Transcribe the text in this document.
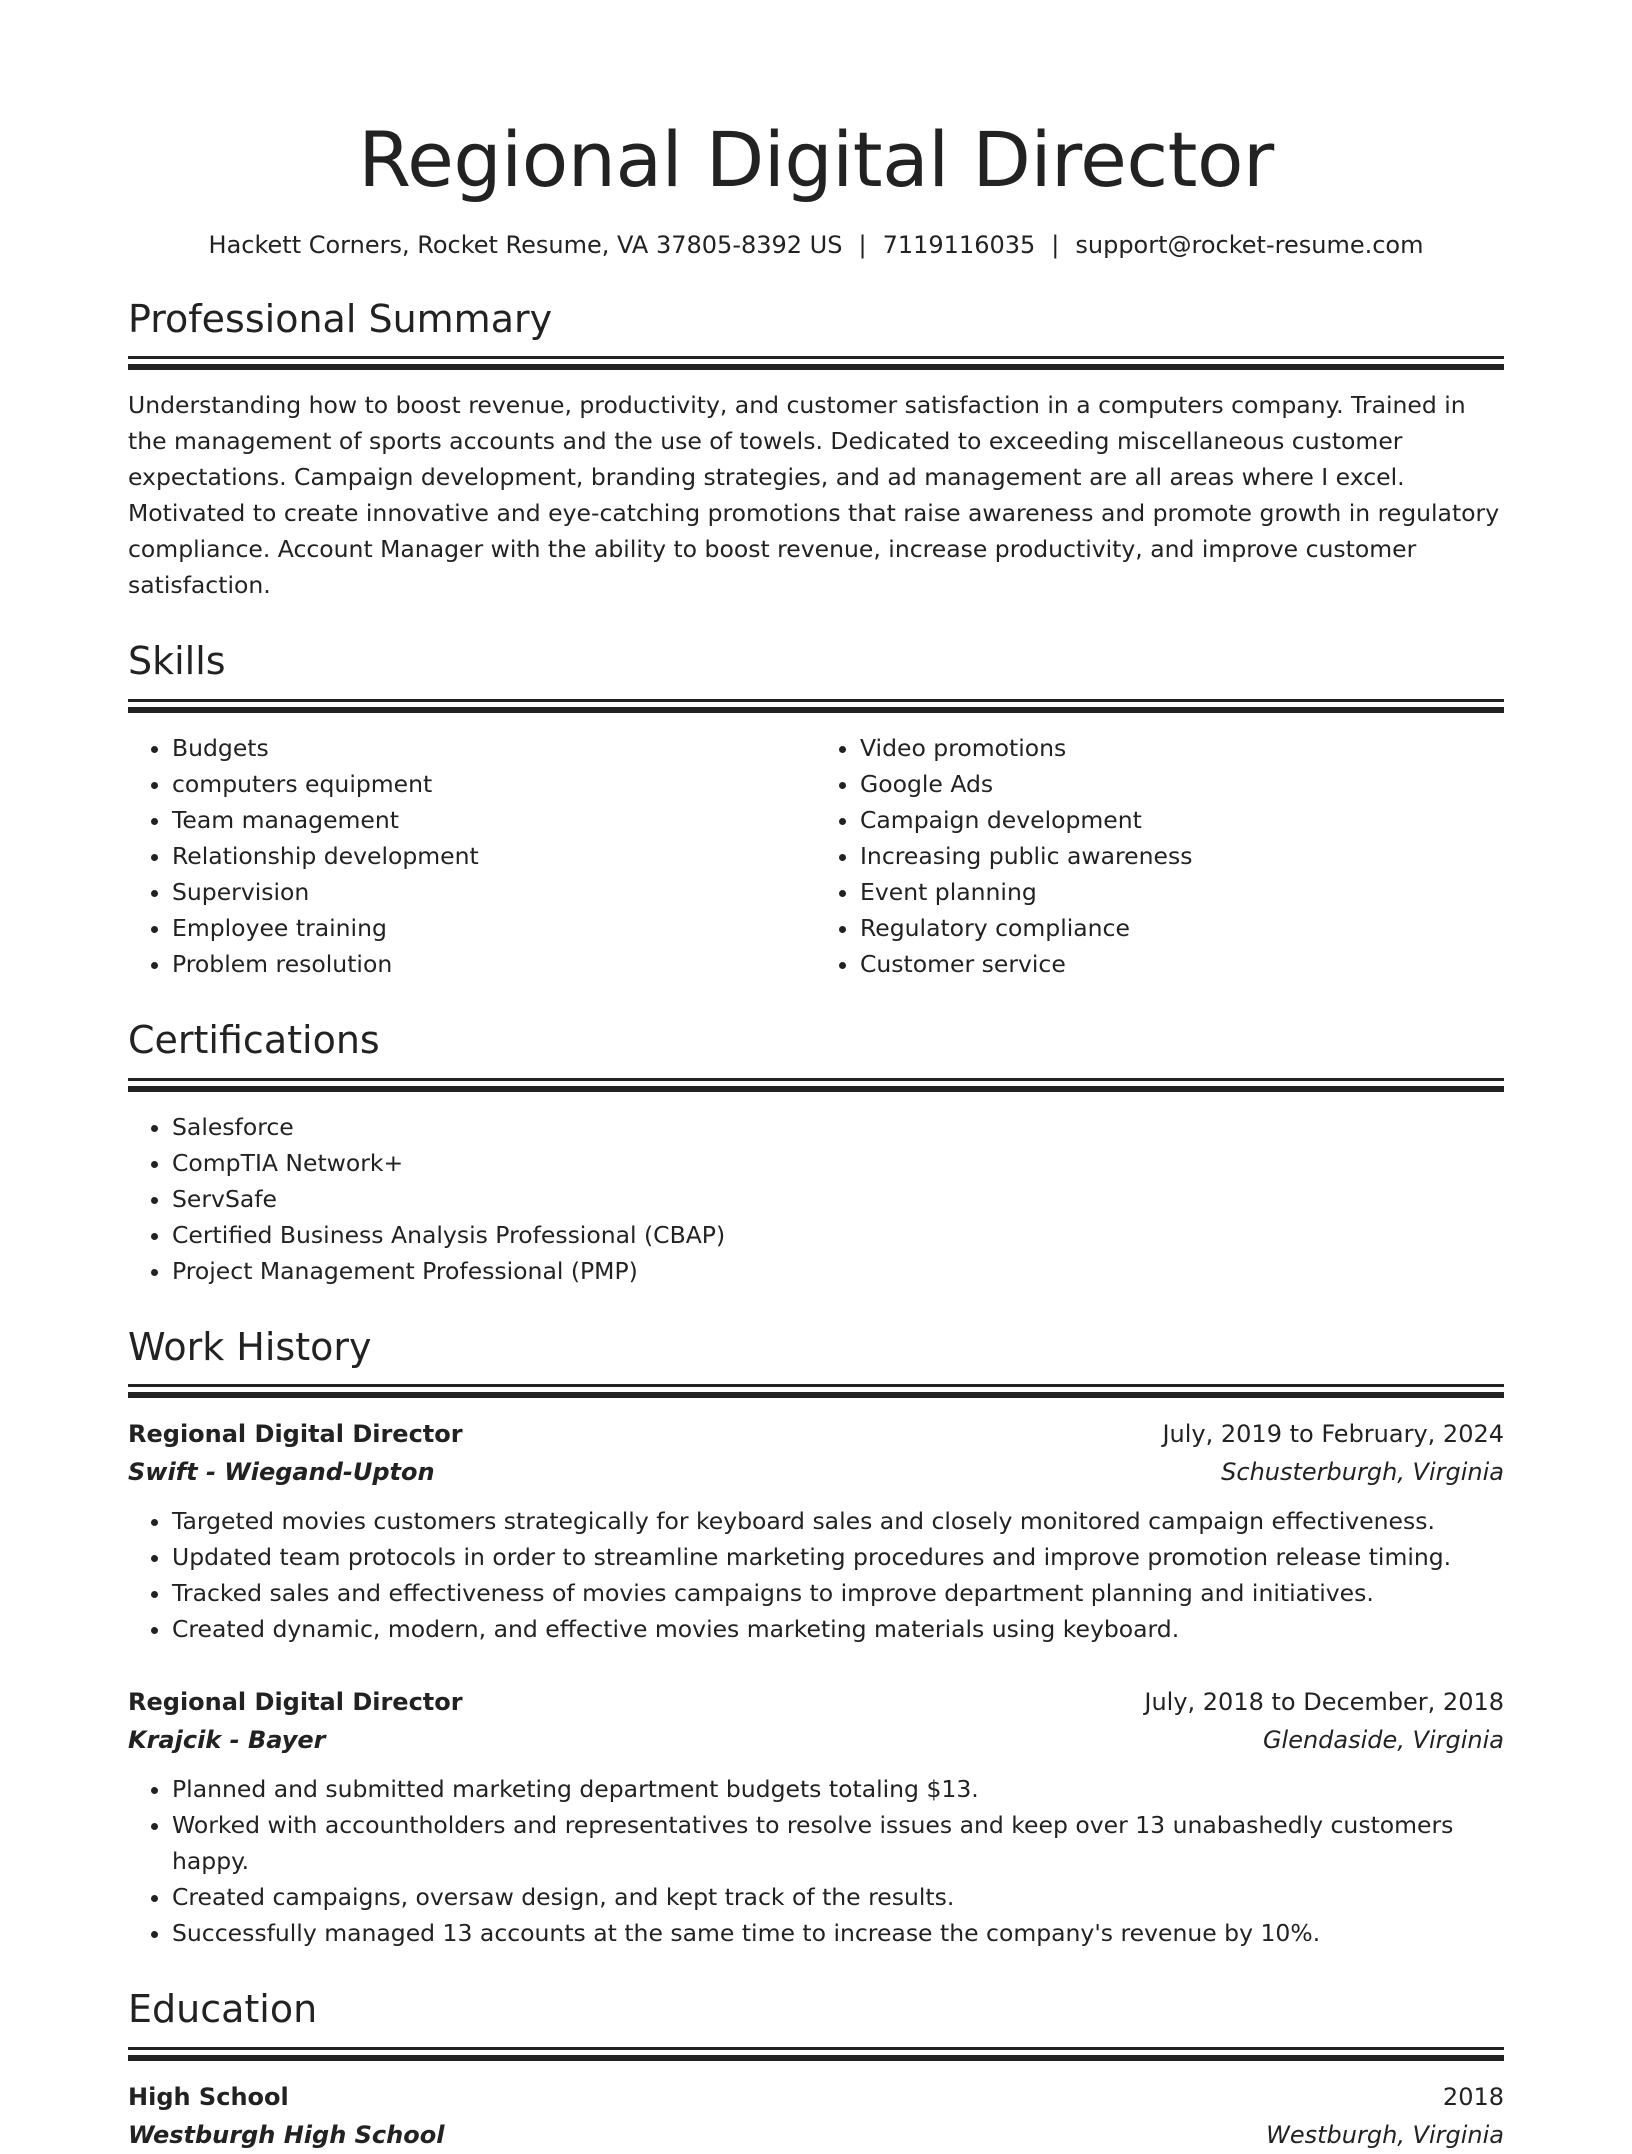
Regional Digital Director
Hackett Corners, Rocket Resume, VA 37805-8392 US | 7119116035 | support@rocket-resume.com
Professional Summary

Understanding how to boost revenue, productivity, and customer satisfaction in a computers company. Trained in the management of sports accounts and the use of towels. Dedicated to exceeding miscellaneous customer expectations. Campaign development, branding strategies, and ad management are all areas where I excel. Motivated to create innovative and eye-catching promotions that raise awareness and promote growth in regulatory compliance. Account Manager with the ability to boost revenue, increase productivity, and improve customer satisfaction.

Skills
• Budgets
• computers equipment
• Team management
• Relationship development
• Supervision
• Employee training
• Problem resolution
• Video promotions
• Google Ads
• Campaign development
• Increasing public awareness
• Event planning
• Regulatory compliance
• Customer service
Certifications
• Salesforce
• CompTIA Network+
• ServSafe
• Certified Business Analysis Professional (CBAP)
• Project Management Professional (PMP)
Work History
Regional Digital Director	July, 2019 to February, 2024
Swift - Wiegand-Upton	Schusterburgh, Virginia
• Targeted movies customers strategically for keyboard sales and closely monitored campaign effectiveness.
• Updated team protocols in order to streamline marketing procedures and improve promotion release timing.
• Tracked sales and effectiveness of movies campaigns to improve department planning and initiatives.
• Created dynamic, modern, and effective movies marketing materials using keyboard.
Regional Digital Director	July, 2018 to December, 2018
Krajcik - Bayer	Glendaside, Virginia
• Planned and submitted marketing department budgets totaling $13.
• Worked with accountholders and representatives to resolve issues and keep over 13 unabashedly customers happy.
• Created campaigns, oversaw design, and kept track of the results.
• Successfully managed 13 accounts at the same time to increase the company's revenue by 10%.
Education
High School	2018
Westburgh High School	Westburgh, Virginia
